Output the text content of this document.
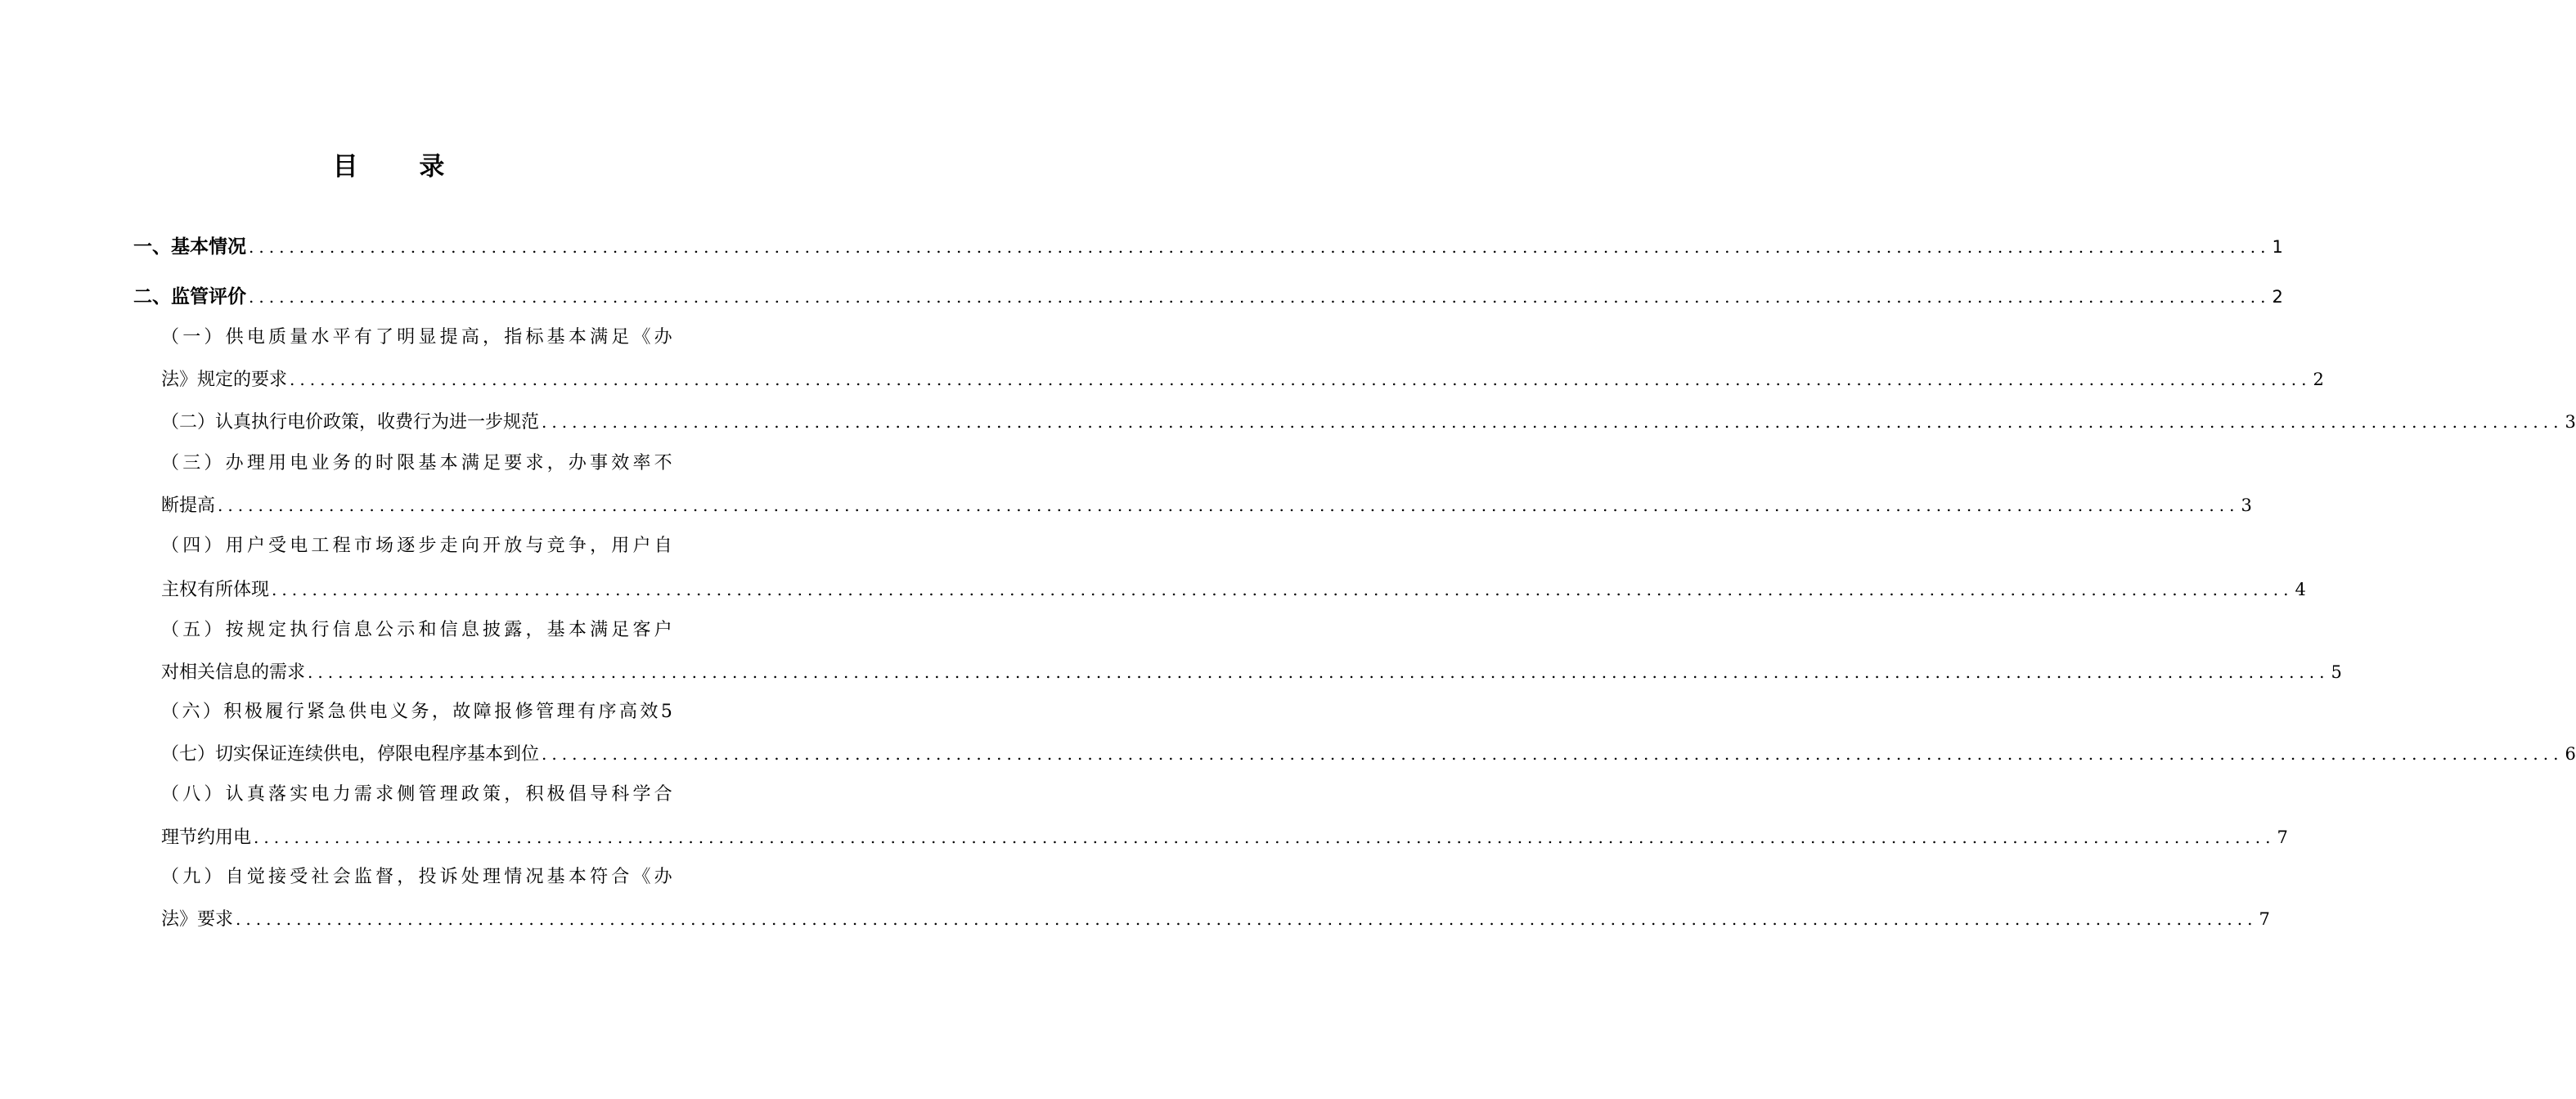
目 录
一、基本情况 ........................................................................................................................................................................................................ 1
二、监管评价 ........................................................................................................................................................................................................ 2
（ 一 ） 供 电 质 量 水 平 有 了 明 显 提 高 ， 指 标 基 本 满 足 《 办
法》规定的要求 ........................................................................................................................................................................................................ 2
（二）认真执行电价政策，收费行为进一步规范 ........................................................................................................................................................................................................ 3
（ 三 ） 办 理 用 电 业 务 的 时 限 基 本 满 足 要 求 ， 办 事 效 率 不
断提高 ........................................................................................................................................................................................................ 3
（ 四 ） 用 户 受 电 工 程 市 场 逐 步 走 向 开 放 与 竞 争 ， 用 户 自
主权有所体现 ........................................................................................................................................................................................................ 4
（ 五 ） 按 规 定 执 行 信 息 公 示 和 信 息 披 露 ， 基 本 满 足 客 户
对相关信息的需求 ........................................................................................................................................................................................................ 5
（ 六 ） 积 极 履 行 紧 急 供 电 义 务 ， 故 障 报 修 管 理 有 序 高 效 5
（七）切实保证连续供电，停限电程序基本到位 ........................................................................................................................................................................................................ 6
（ 八 ） 认 真 落 实 电 力 需 求 侧 管 理 政 策 ， 积 极 倡 导 科 学 合
理节约用电 ........................................................................................................................................................................................................ 7
（ 九 ） 自 觉 接 受 社 会 监 督 ， 投 诉 处 理 情 况 基 本 符 合 《 办
法》要求 ........................................................................................................................................................................................................ 7
